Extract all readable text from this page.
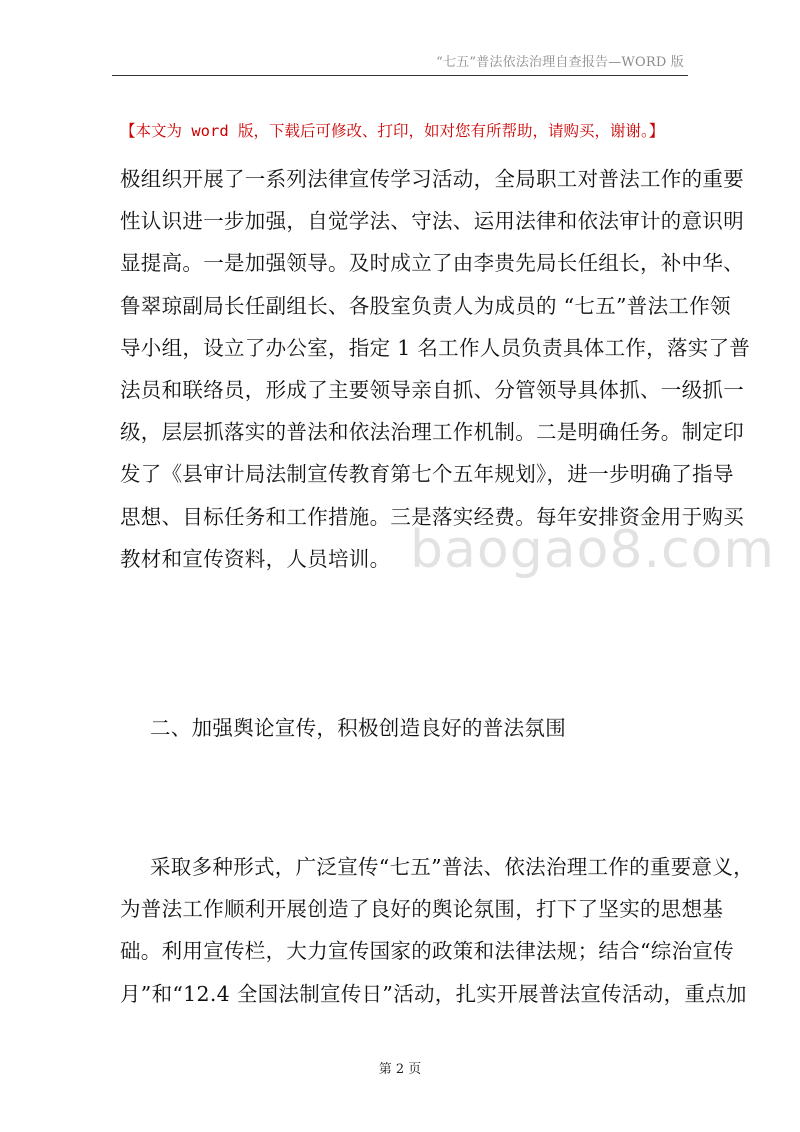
“七五”普法依法治理自查报告—WORD 版
【本文为 word 版，下载后可修改、打印，如对您有所帮助，请购买，谢谢。】
极组织开展了一系列法律宣传学习活动，全局职工对普法工作的重要
性认识进一步加强，自觉学法、守法、运用法律和依法审计的意识明
显提高。一是加强领导。及时成立了由李贵先局长任组长，补中华、
鲁翠琼副局长任副组长、各股室负责人为成员的 “七五”普法工作领
导小组，设立了办公室，指定 1 名工作人员负责具体工作，落实了普
法员和联络员，形成了主要领导亲自抓、分管领导具体抓、一级抓一
级，层层抓落实的普法和依法治理工作机制。二是明确任务。制定印
发了《县审计局法制宣传教育第七个五年规划》，进一步明确了指导
思想、目标任务和工作措施。三是落实经费。每年安排资金用于购买
教材和宣传资料，人员培训。 baogao8.com
二、加强舆论宣传，积极创造良好的普法氛围
采取多种形式，广泛宣传“七五”普法、依法治理工作的重要意义，
为普法工作顺利开展创造了良好的舆论氛围，打下了坚实的思想基
础。利用宣传栏，大力宣传国家的政策和法律法规；结合“综治宣传
月”和“12.4 全国法制宣传日”活动，扎实开展普法宣传活动，重点加
第 2 页
